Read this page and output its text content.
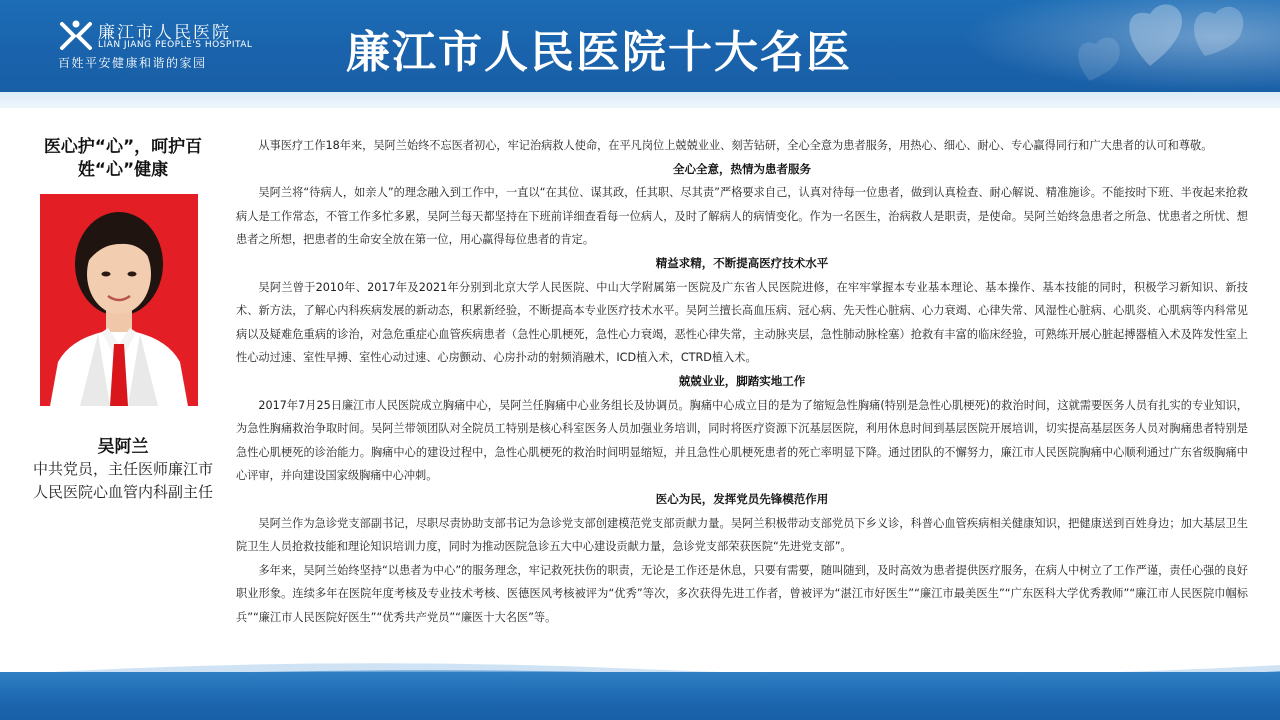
廉江市人民医院
LIAN JIANG PEOPLE'S HOSPITAL
百姓平安健康和谐的家园	廉江市人民医院十大名医

医心护“心”，呵护百姓“心”健康

吴阿兰
中共党员，主任医师廉江市人民医院心血管内科副主任

从事医疗工作18年来，吴阿兰始终不忘医者初心，牢记治病救人使命，在平凡岗位上兢兢业业、刻苦钻研，全心全意为患者服务，用热心、细心、耐心、专心赢得同行和广大患者的认可和尊敬。

全心全意，热情为患者服务

吴阿兰将“待病人，如亲人”的理念融入到工作中，一直以“在其位、谋其政，任其职、尽其责”严格要求自己，认真对待每一位患者，做到认真检查、耐心解说、精准施诊。不能按时下班、半夜起来抢救病人是工作常态，不管工作多忙多累，吴阿兰每天都坚持在下班前详细查看每一位病人，及时了解病人的病情变化。作为一名医生，治病救人是职责，是使命。吴阿兰始终急患者之所急、忧患者之所忧、想患者之所想，把患者的生命安全放在第一位，用心赢得每位患者的肯定。

精益求精，不断提高医疗技术水平

吴阿兰曾于2010年、2017年及2021年分别到北京大学人民医院、中山大学附属第一医院及广东省人民医院进修，在牢牢掌握本专业基本理论、基本操作、基本技能的同时，积极学习新知识、新技术、新方法，了解心内科疾病发展的新动态，积累新经验，不断提高本专业医疗技术水平。吴阿兰擅长高血压病、冠心病、先天性心脏病、心力衰竭、心律失常、风湿性心脏病、心肌炎、心肌病等内科常见病以及疑难危重病的诊治，对急危重症心血管疾病患者（急性心肌梗死，急性心力衰竭，恶性心律失常，主动脉夹层，急性肺动脉栓塞）抢救有丰富的临床经验，可熟练开展心脏起搏器植入术及阵发性室上性心动过速、室性早搏、室性心动过速、心房颤动、心房扑动的射频消融术，ICD植入术，CTRD植入术。

兢兢业业，脚踏实地工作

2017年7月25日廉江市人民医院成立胸痛中心，吴阿兰任胸痛中心业务组长及协调员。胸痛中心成立目的是为了缩短急性胸痛(特别是急性心肌梗死)的救治时间，这就需要医务人员有扎实的专业知识，为急性胸痛救治争取时间。吴阿兰带领团队对全院员工特别是核心科室医务人员加强业务培训，同时将医疗资源下沉基层医院，利用休息时间到基层医院开展培训，切实提高基层医务人员对胸痛患者特别是急性心肌梗死的诊治能力。胸痛中心的建设过程中，急性心肌梗死的救治时间明显缩短，并且急性心肌梗死患者的死亡率明显下降。通过团队的不懈努力，廉江市人民医院胸痛中心顺利通过广东省级胸痛中心评审，并向建设国家级胸痛中心冲刺。

医心为民，发挥党员先锋模范作用

吴阿兰作为急诊党支部副书记，尽职尽责协助支部书记为急诊党支部创建模范党支部贡献力量。吴阿兰积极带动支部党员下乡义诊，科普心血管疾病相关健康知识，把健康送到百姓身边；加大基层卫生院卫生人员抢救技能和理论知识培训力度，同时为推动医院急诊五大中心建设贡献力量，急诊党支部荣获医院“先进党支部”。

多年来，吴阿兰始终坚持“以患者为中心”的服务理念，牢记救死扶伤的职责，无论是工作还是休息，只要有需要，随叫随到，及时高效为患者提供医疗服务，在病人中树立了工作严谨，责任心强的良好职业形象。连续多年在医院年度考核及专业技术考核、医德医风考核被评为“优秀”等次，多次获得先进工作者，曾被评为“湛江市好医生”“廉江市最美医生”“广东医科大学优秀教师”“廉江市人民医院巾帼标兵”“廉江市人民医院好医生”“优秀共产党员”“廉医十大名医”等。
